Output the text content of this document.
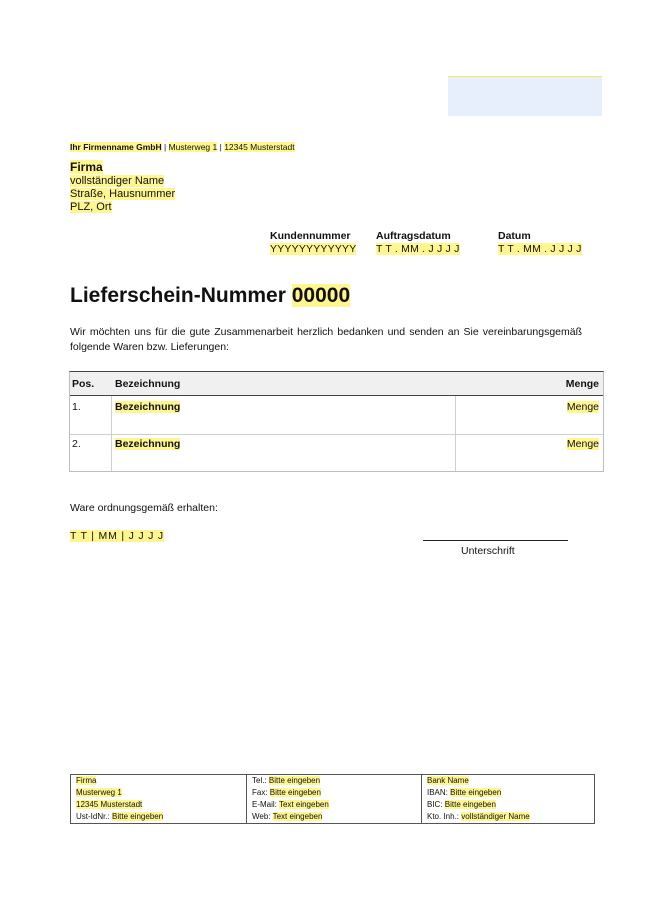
Ihr Firmenname GmbH | Musterweg 1 | 12345 Musterstadt
Firma
vollständiger Name
Straße, Hausnummer
PLZ, Ort
Kundennummer
YYYYYYYYYYYY
Auftragsdatum
T T . MM . J J J J
Datum
T T . MM . J J J J
Lieferschein-Nummer 00000
Wir möchten uns für die gute Zusammenarbeit herzlich bedanken und senden an Sie vereinbarungsgemäß folgende Waren bzw. Lieferungen:
Pos. Bezeichnung	Menge
1.	Bezeichnung	Menge
2.	Bezeichnung	Menge
Ware ordnungsgemäß erhalten:
T T | MM | J J J J
Unterschrift
Firma
Musterweg 1
12345 Musterstadt
Ust-IdNr.: Bitte eingeben
Tel.: Bitte eingeben
Fax: Bitte eingeben
E-Mail: Text eingeben
Web: Text eingeben
Bank Name
IBAN: Bitte eingeben
BIC: Bitte eingeben
Kto. Inh.: vollständiger Name
